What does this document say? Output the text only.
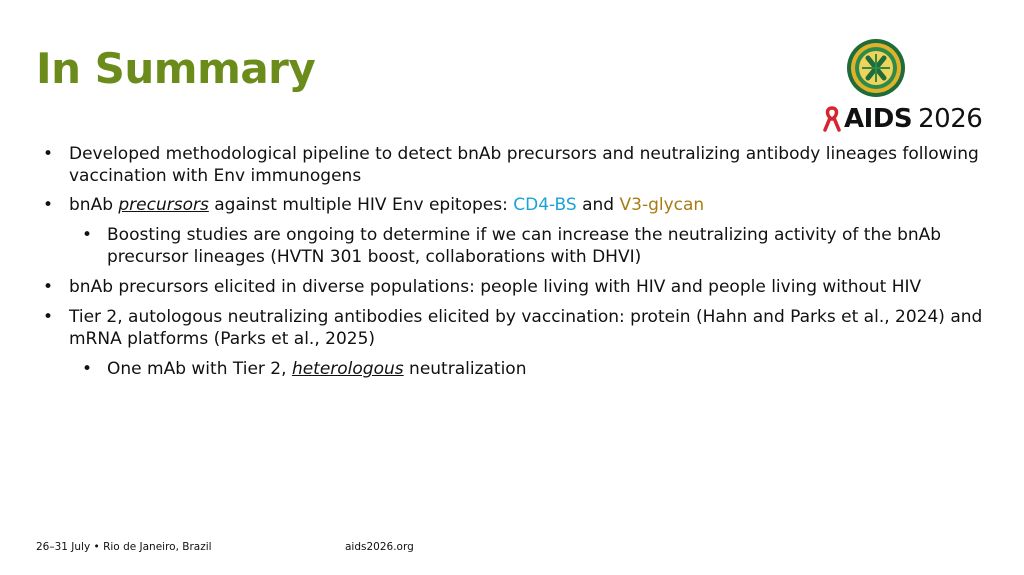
In Summary
AIDS 2026
• Developed methodological pipeline to detect bnAb precursors and neutralizing antibody lineages following vaccination with Env immunogens
• bnAb precursors against multiple HIV Env epitopes: CD4-BS and V3-glycan
• Boosting studies are ongoing to determine if we can increase the neutralizing activity of the bnAb precursor lineages (HVTN 301 boost, collaborations with DHVI)
• bnAb precursors elicited in diverse populations: people living with HIV and people living without HIV
• Tier 2, autologous neutralizing antibodies elicited by vaccination: protein (Hahn and Parks et al., 2024) and mRNA platforms (Parks et al., 2025)
• One mAb with Tier 2, heterologous neutralization
26–31 July • Rio de Janeiro, Brazil	aids2026.org
